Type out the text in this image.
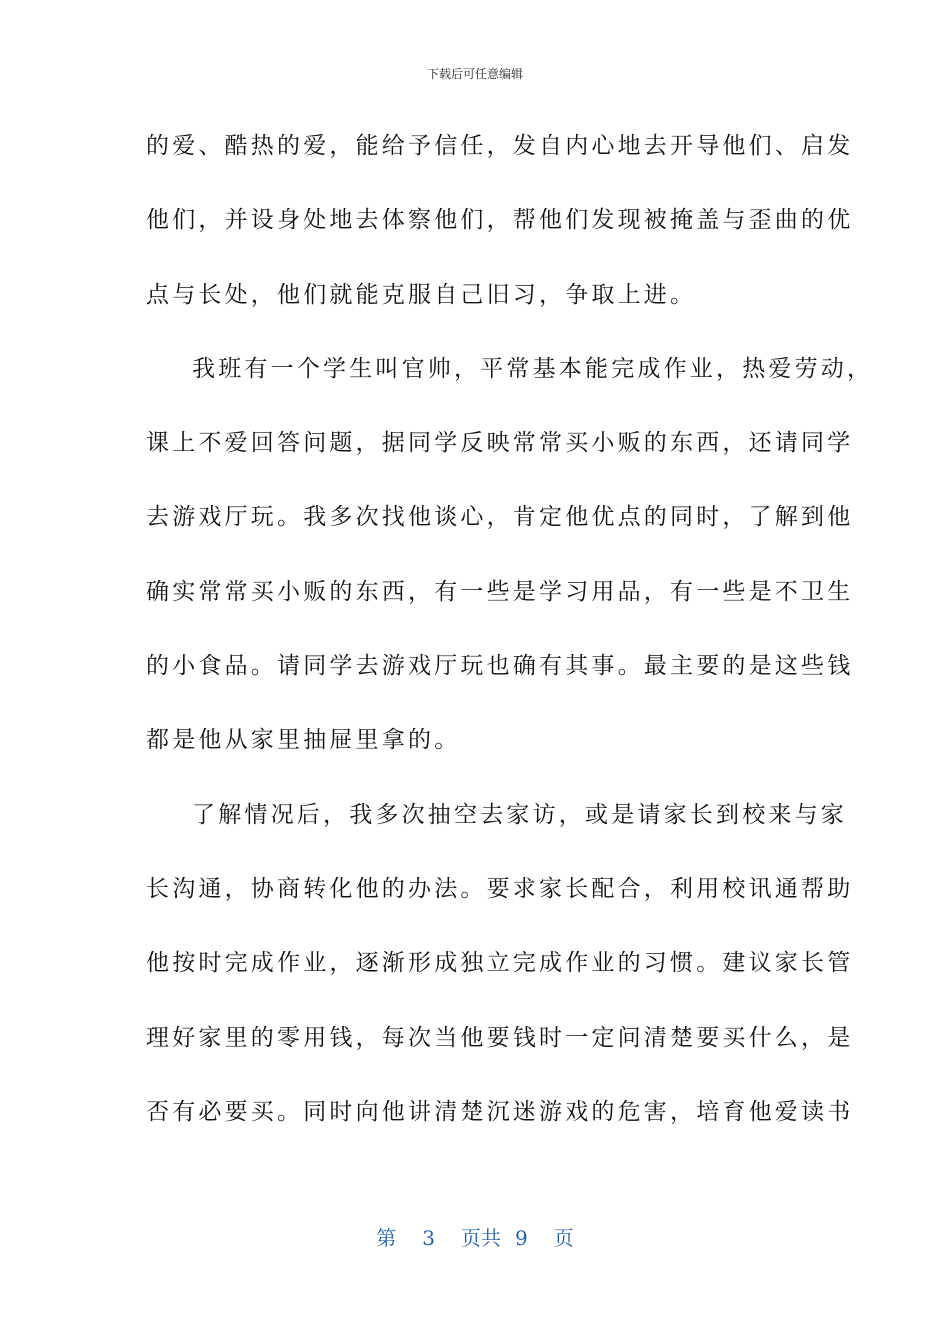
下载后可任意编辑
的爱、酷热的爱，能给予信任，发自内心地去开导他们、启发
他们，并设身处地去体察他们，帮他们发现被掩盖与歪曲的优
点与长处，他们就能克服自己旧习，争取上进。
我班有一个学生叫官帅，平常基本能完成作业，热爱劳动，
课上不爱回答问题，据同学反映常常买小贩的东西，还请同学
去游戏厅玩。我多次找他谈心，肯定他优点的同时，了解到他
确实常常买小贩的东西，有一些是学习用品，有一些是不卫生
的小食品。请同学去游戏厅玩也确有其事。最主要的是这些钱
都是他从家里抽屉里拿的。
了解情况后，我多次抽空去家访，或是请家长到校来与家
长沟通，协商转化他的办法。要求家长配合，利用校讯通帮助
他按时完成作业，逐渐形成独立完成作业的习惯。建议家长管
理好家里的零用钱，每次当他要钱时一定问清楚要买什么，是
否有必要买。同时向他讲清楚沉迷游戏的危害，培育他爱读书
第 3 页共 9 页
